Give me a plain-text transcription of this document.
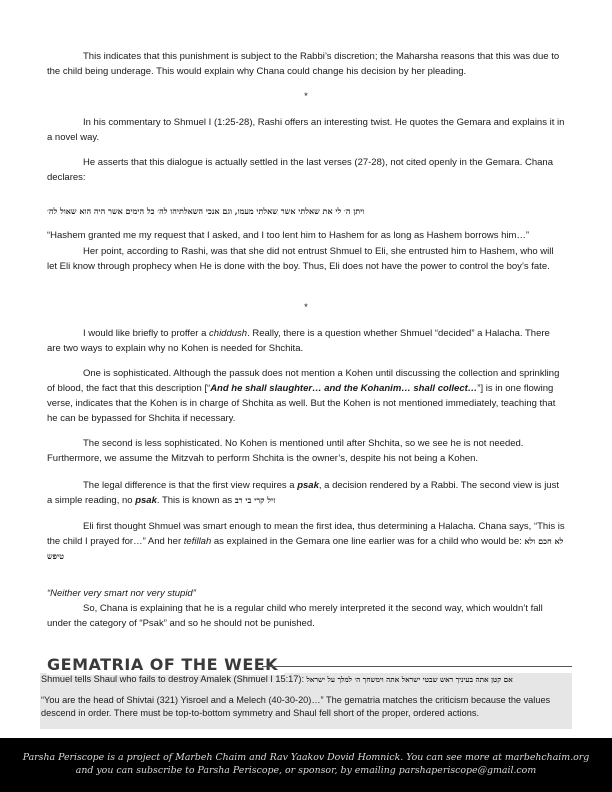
This indicates that this punishment is subject to the Rabbi’s discretion; the Maharsha reasons that this was due to the child being underage. This would explain why Chana could change his decision by her pleading.

*

In his commentary to Shmuel I (1:25-28), Rashi offers an interesting twist. He quotes the Gemara and explains it in a novel way.

He asserts that this dialogue is actually settled in the last verses (27-28), not cited openly in the Gemara. Chana declares:

ויתן ה׳ לי את שאלתי אשר שאלתי מעמו, וגם אנכי השאלתיהו לה׳ כל הימים אשר היה הוא שאול לה׳

“Hashem granted me my request that I asked, and I too lent him to Hashem for as long as Hashem borrows him…”

Her point, according to Rashi, was that she did not entrust Shmuel to Eli, she entrusted him to Hashem, who will let Eli know through prophecy when He is done with the boy. Thus, Eli does not have the power to control the boy’s fate.

*

I would like briefly to proffer a chiddush. Really, there is a question whether Shmuel “decided” a Halacha. There are two ways to explain why no Kohen is needed for Shchita.

One is sophisticated. Although the passuk does not mention a Kohen until discussing the collection and sprinkling of blood, the fact that this description [“And he shall slaughter… and the Kohanim… shall collect…”] is in one flowing verse, indicates that the Kohen is in charge of Shchita as well. But the Kohen is not mentioned immediately, teaching that he can be bypassed for Shchita if necessary.

The second is less sophisticated. No Kohen is mentioned until after Shchita, so we see he is not needed. Furthermore, we assume the Mitzvah to perform Shchita is the owner’s, despite his not being a Kohen.

The legal difference is that the first view requires a psak, a decision rendered by a Rabbi. The second view is just a simple reading, no psak. This is known as זיל קרי בי רב

Eli first thought Shmuel was smart enough to mean the first idea, thus determining a Halacha. Chana says, “This is the child I prayed for…” And her tefillah as explained in the Gemara one line earlier was for a child who would be: לא חכם ולא טיפש

“Neither very smart nor very stupid”

So, Chana is explaining that he is a regular child who merely interpreted it the second way, which wouldn’t fall under the category of “Psak” and so he should not be punished.

GEMATRIA OF THE WEEK
Shmuel tells Shaul who fails to destroy Amalek (Shmuel I 15:17): אם קטן אתה בעיניך ראש שבטי ישראל אתה וימשחך ה׳ למלך על ישראל
“You are the head of Shivtai (321) Yisroel and a Melech (40-30-20)…” The gematria matches the criticism because the values descend in order. There must be top-to-bottom symmetry and Shaul fell short of the proper, ordered actions.

Parsha Periscope is a project of Marbeh Chaim and Rav Yaakov Dovid Homnick. You can see more at marbehchaim.org

and you can subscribe to Parsha Periscope, or sponsor, by emailing parshaperiscope@gmail.com
